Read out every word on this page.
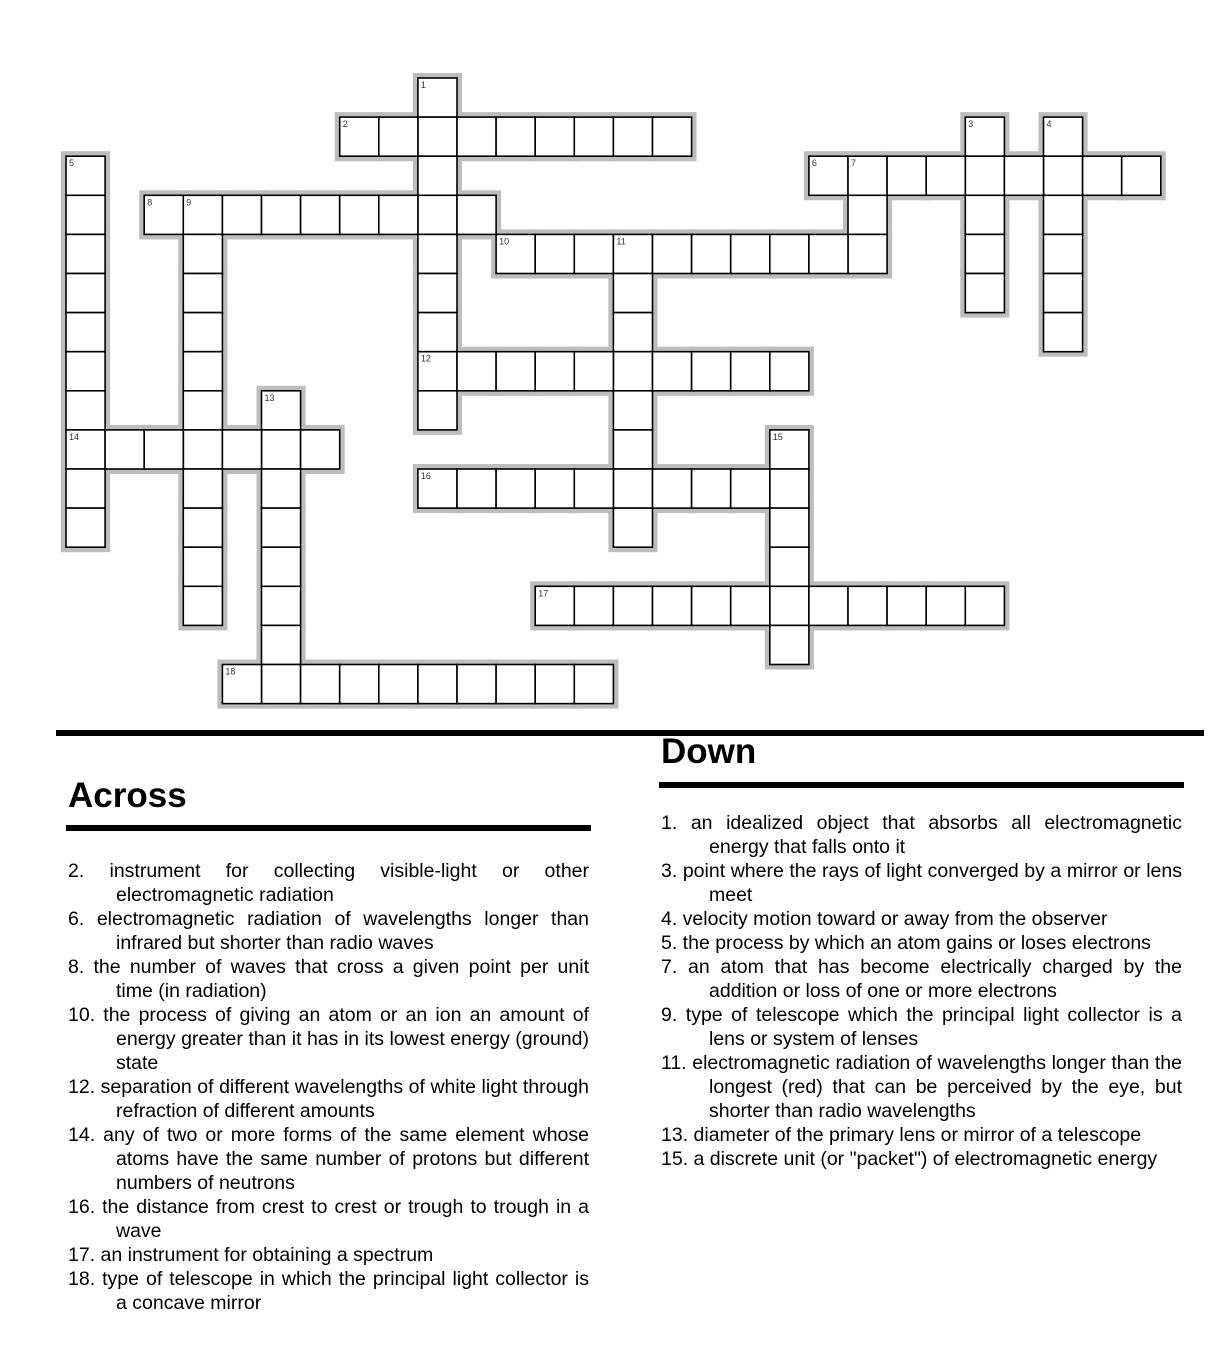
1
2	3	4
5	6	7
8	9
10	11
12
13
14	15
16
17
18
Across
2. instrument for collecting visible-light or other electromagnetic radiation
6. electromagnetic radiation of wavelengths longer than infrared but shorter than radio waves
8. the number of waves that cross a given point per unit time (in radiation)
10. the process of giving an atom or an ion an amount of energy greater than it has in its lowest energy (ground) state
12. separation of different wavelengths of white light through refraction of different amounts
14. any of two or more forms of the same element whose atoms have the same number of protons but different numbers of neutrons
16. the distance from crest to crest or trough to trough in a wave
17. an instrument for obtaining a spectrum
18. type of telescope in which the principal light collector is a concave mirror
Down
1. an idealized object that absorbs all electromagnetic energy that falls onto it
3. point where the rays of light converged by a mirror or lens meet
4. velocity motion toward or away from the observer
5. the process by which an atom gains or loses electrons
7. an atom that has become electrically charged by the addition or loss of one or more electrons
9. type of telescope which the principal light collector is a lens or system of lenses
11. electromagnetic radiation of wavelengths longer than the longest (red) that can be perceived by the eye, but shorter than radio wavelengths
13. diameter of the primary lens or mirror of a telescope
15. a discrete unit (or "packet") of electromagnetic energy
